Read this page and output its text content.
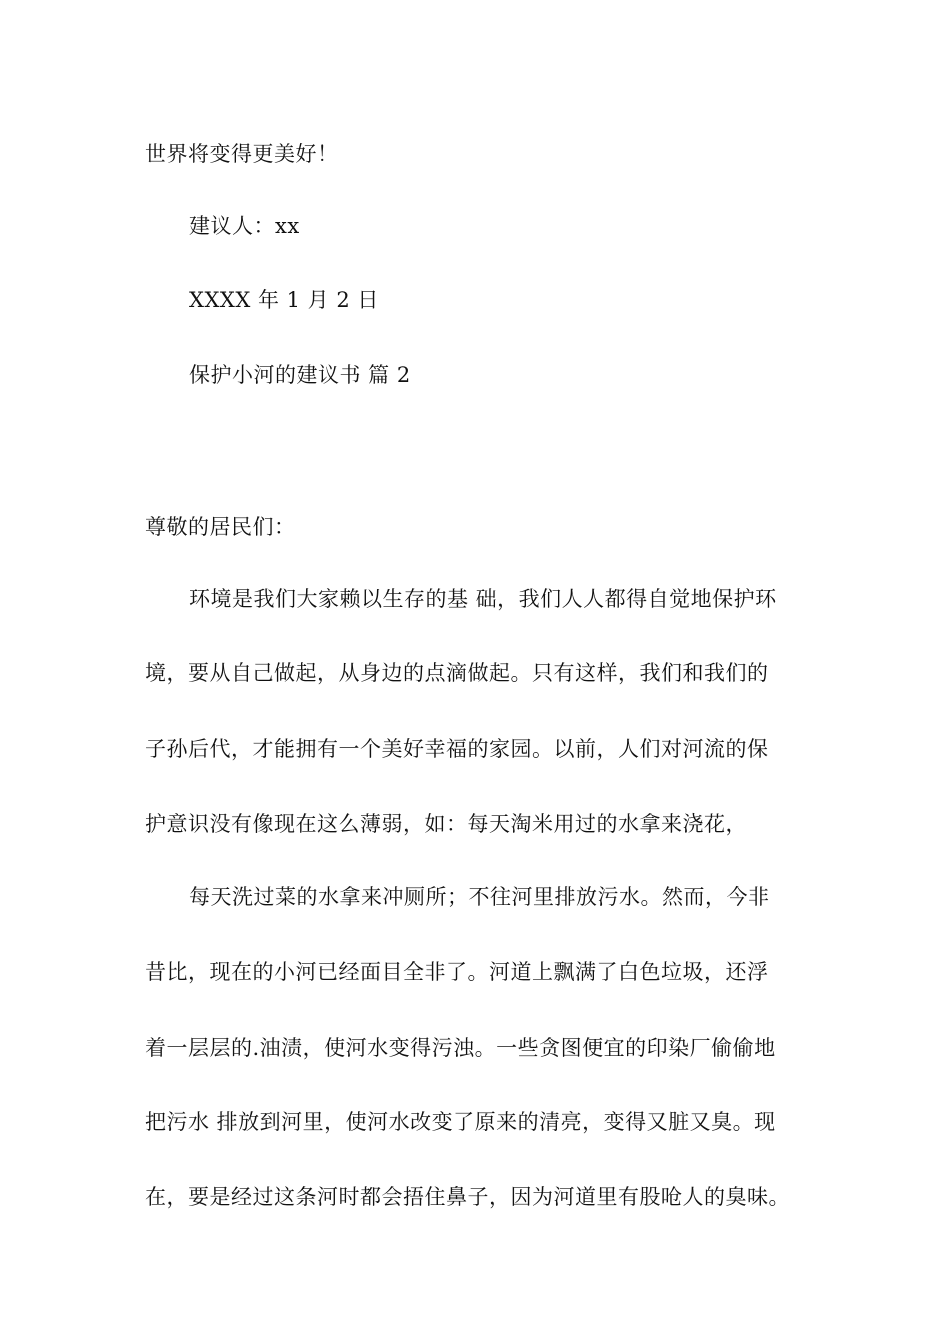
世界将变得更美好！
建议人：xx
XXXX 年 1 月 2 日
保护小河的建议书 篇 2
尊敬的居民们：
环境是我们大家赖以生存的基 础，我们人人都得自觉地保护环
境，要从自己做起，从身边的点滴做起。只有这样，我们和我们的
子孙后代，才能拥有一个美好幸福的家园。以前，人们对河流的保
护意识没有像现在这么薄弱，如：每天淘米用过的水拿来浇花，
每天洗过菜的水拿来冲厕所；不往河里排放污水。然而，今非
昔比，现在的小河已经面目全非了。河道上飘满了白色垃圾，还浮
着一层层的.油渍，使河水变得污浊。一些贪图便宜的印染厂偷偷地
把污水 排放到河里，使河水改变了原来的清亮，变得又脏又臭。现
在，要是经过这条河时都会捂住鼻子，因为河道里有股呛人的臭味。
